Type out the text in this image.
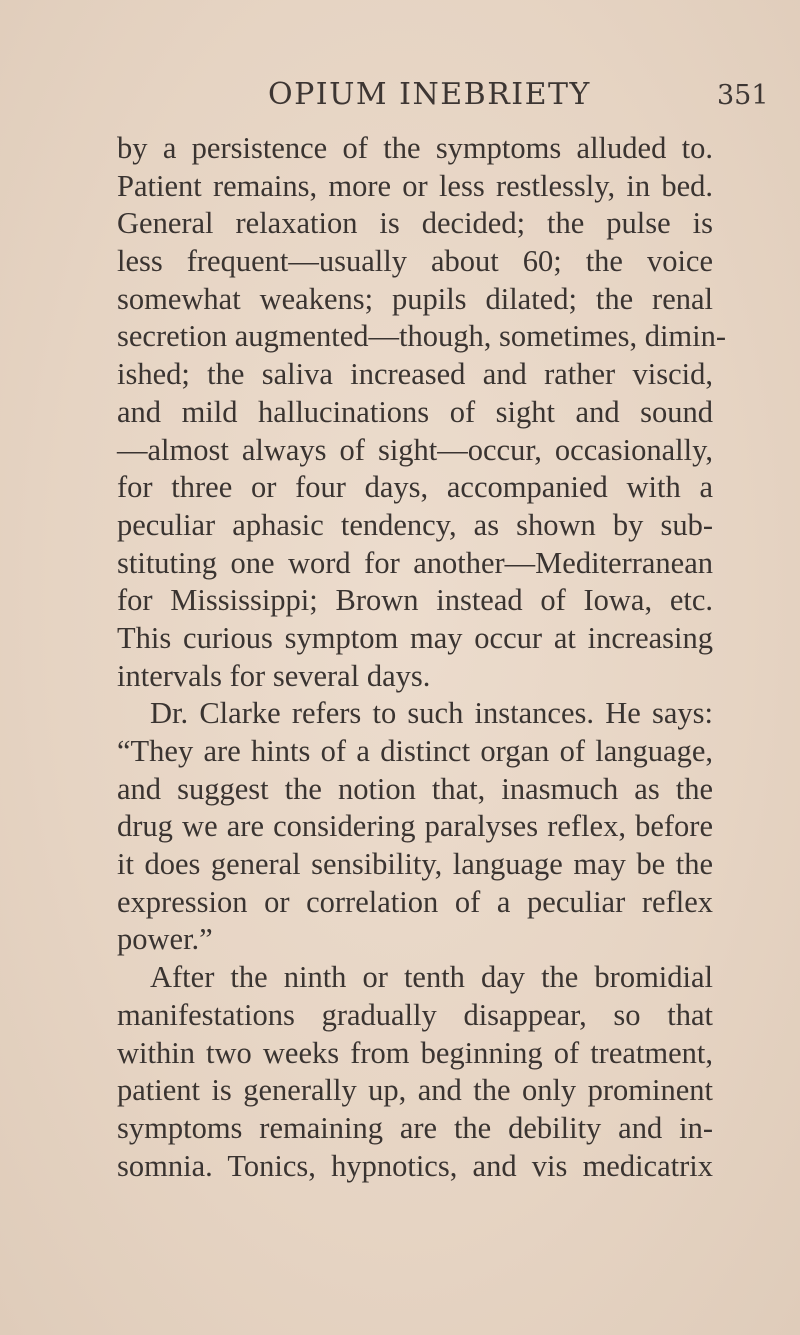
OPIUM INEBRIETY	351
by a persistence of the symptoms alluded to.
Patient remains, more or less restlessly, in bed.
General relaxation is decided; the pulse is
less frequent—usually about 60; the voice
somewhat weakens; pupils dilated; the renal
secretion augmented—though, sometimes, dimin-
ished; the saliva increased and rather viscid,
and mild hallucinations of sight and sound
—almost always of sight—occur, occasionally,
for three or four days, accompanied with a
peculiar aphasic tendency, as shown by sub-
stituting one word for another—Mediterranean
for Mississippi; Brown instead of Iowa, etc.
This curious symptom may occur at increasing
intervals for several days.
Dr. Clarke refers to such instances. He says:
“They are hints of a distinct organ of language,
and suggest the notion that, inasmuch as the
drug we are considering paralyses reflex, before
it does general sensibility, language may be the
expression or correlation of a peculiar reflex
power.”
After the ninth or tenth day the bromidial
manifestations gradually disappear, so that
within two weeks from beginning of treatment,
patient is generally up, and the only prominent
symptoms remaining are the debility and in-
somnia. Tonics, hypnotics, and vis medicatrix
